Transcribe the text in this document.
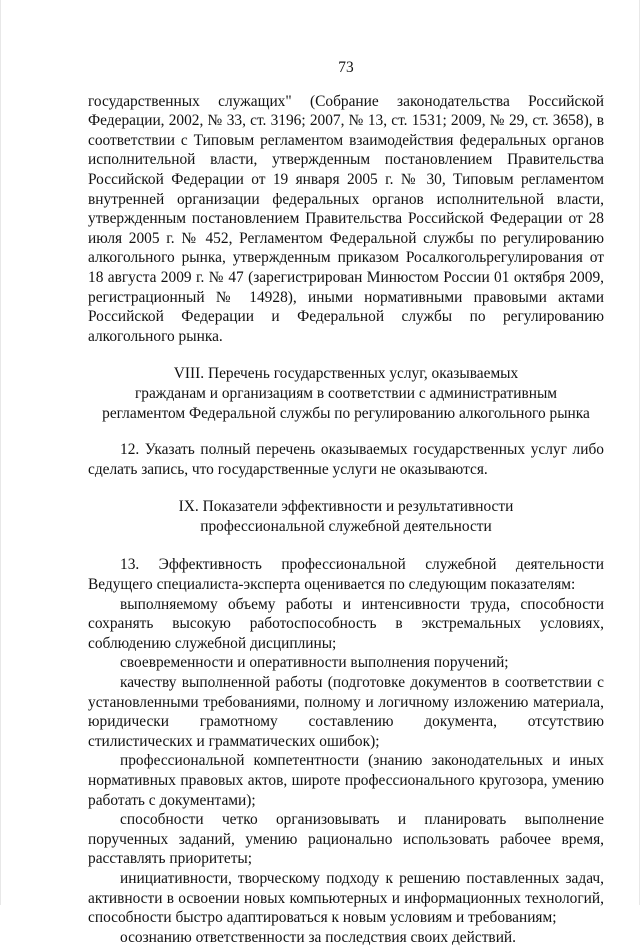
73

государственных служащих" (Собрание законодательства Российской Федерации, 2002, № 33, ст. 3196; 2007, № 13, ст. 1531; 2009, № 29, ст. 3658), в соответствии с Типовым регламентом взаимодействия федеральных органов исполнительной власти, утвержденным постановлением Правительства Российской Федерации от 19 января 2005 г. № 30, Типовым регламентом внутренней организации федеральных органов исполнительной власти, утвержденным постановлением Правительства Российской Федерации от 28 июля 2005 г. № 452, Регламентом Федеральной службы по регулированию алкогольного рынка, утвержденным приказом Росалкогольрегулирования от 18 августа 2009 г. № 47 (зарегистрирован Минюстом России 01 октября 2009, регистрационный № 14928), иными нормативными правовыми актами Российской Федерации и Федеральной службы по регулированию алкогольного рынка.

VIII. Перечень государственных услуг, оказываемых
гражданам и организациям в соответствии с административным
регламентом Федеральной службы по регулированию алкогольного рынка

12. Указать полный перечень оказываемых государственных услуг либо сделать запись, что государственные услуги не оказываются.

IX. Показатели эффективности и результативности
профессиональной служебной деятельности

13. Эффективность профессиональной служебной деятельности Ведущего специалиста-эксперта оценивается по следующим показателям:

выполняемому объему работы и интенсивности труда, способности сохранять высокую работоспособность в экстремальных условиях, соблюдению служебной дисциплины;

своевременности и оперативности выполнения поручений;

качеству выполненной работы (подготовке документов в соответствии с установленными требованиями, полному и логичному изложению материала, юридически грамотному составлению документа, отсутствию стилистических и грамматических ошибок);

профессиональной компетентности (знанию законодательных и иных нормативных правовых актов, широте профессионального кругозора, умению работать с документами);

способности четко организовывать и планировать выполнение порученных заданий, умению рационально использовать рабочее время, расставлять приоритеты;

инициативности, творческому подходу к решению поставленных задач, активности в освоении новых компьютерных и информационных технологий, способности быстро адаптироваться к новым условиям и требованиям;

осознанию ответственности за последствия своих действий.
